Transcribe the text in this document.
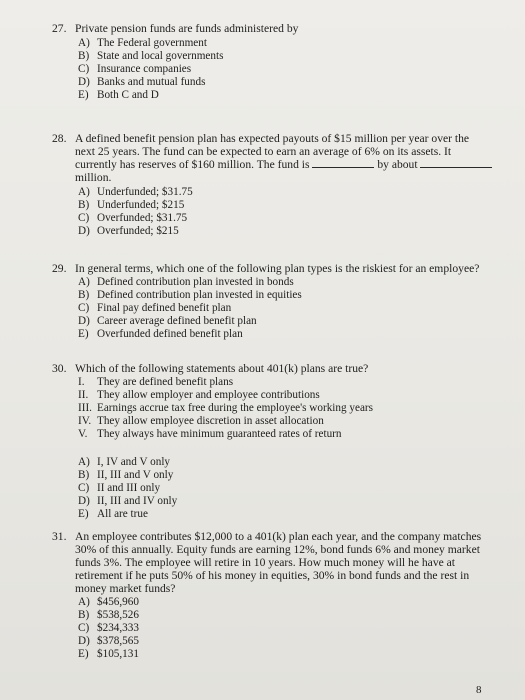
27. Private pension funds are funds administered by
A) The Federal government
B) State and local governments
C) Insurance companies
D) Banks and mutual funds
E) Both C and D
28. A defined benefit pension plan has expected payouts of $15 million per year over the
next 25 years. The fund can be expected to earn an average of 6% on its assets. It
currently has reserves of $160 million. The fund is	by about
million.
A) Underfunded; $31.75
B) Underfunded; $215
C) Overfunded; $31.75
D) Overfunded; $215
29. In general terms, which one of the following plan types is the riskiest for an employee?
A) Defined contribution plan invested in bonds
B) Defined contribution plan invested in equities
C) Final pay defined benefit plan
D) Career average defined benefit plan
E) Overfunded defined benefit plan
30. Which of the following statements about 401(k) plans are true?
I. They are defined benefit plans
II. They allow employer and employee contributions
III. Earnings accrue tax free during the employee's working years
IV. They allow employee discretion in asset allocation
V. They always have minimum guaranteed rates of return
A) I, IV and V only
B) II, III and V only
C) II and III only
D) II, III and IV only
E) All are true
31. An employee contributes $12,000 to a 401(k) plan each year, and the company matches
30% of this annually. Equity funds are earning 12%, bond funds 6% and money market
funds 3%. The employee will retire in 10 years. How much money will he have at
retirement if he puts 50% of his money in equities, 30% in bond funds and the rest in
money market funds?
A) $456,960
B) $538,526
C) $234,333
D) $378,565
E) $105,131
8
